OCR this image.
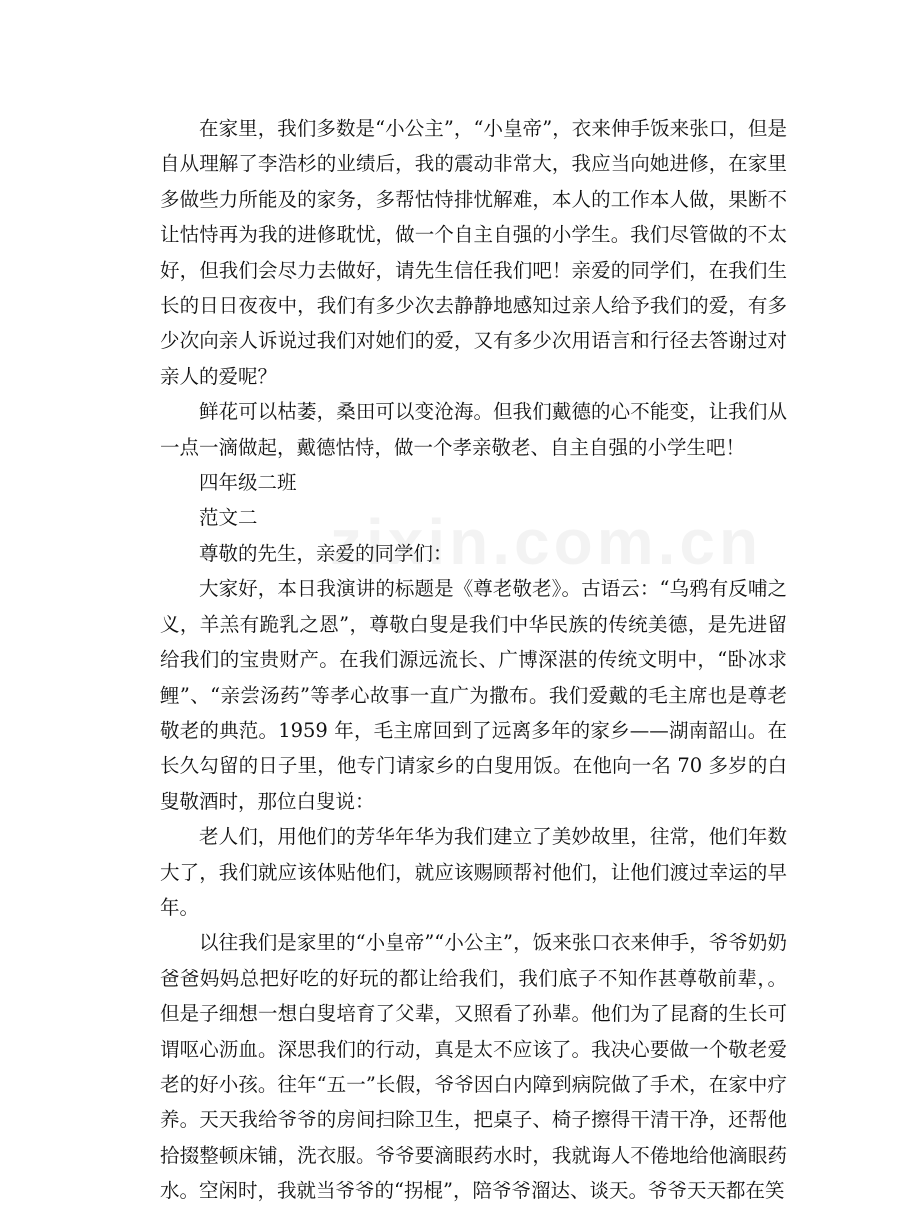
在家里，我们多数是“小公主”，“小皇帝”，衣来伸手饭来张口，但是自从理解了李浩杉的业绩后，我的震动非常大，我应当向她进修，在家里多做些力所能及的家务，多帮怙恃排忧解难，本人的工作本人做，果断不让怙恃再为我的进修耽忧，做一个自主自强的小学生。我们尽管做的不太好，但我们会尽力去做好，请先生信任我们吧！亲爱的同学们，在我们生长的日日夜夜中，我们有多少次去静静地感知过亲人给予我们的爱，有多少次向亲人诉说过我们对她们的爱，又有多少次用语言和行径去答谢过对亲人的爱呢？

鲜花可以枯萎，桑田可以变沧海。但我们戴德的心不能变，让我们从一点一滴做起，戴德怙恃，做一个孝亲敬老、自主自强的小学生吧！

四年级二班

范文二

尊敬的先生，亲爱的同学们：

大家好，本日我演讲的标题是《尊老敬老》。古语云：“乌鸦有反哺之义，羊羔有跪乳之恩”，尊敬白叟是我们中华民族的传统美德，是先进留给我们的宝贵财产。在我们源远流长、广博深湛的传统文明中，“卧冰求鲤”、“亲尝汤药”等孝心故事一直广为撒布。我们爱戴的毛主席也是尊老敬老的典范。1959 年，毛主席回到了远离多年的家乡——湖南韶山。在长久勾留的日子里，他专门请家乡的白叟用饭。在他向一名 70 多岁的白叟敬酒时，那位白叟说：

老人们，用他们的芳华年华为我们建立了美妙故里，往常，他们年数大了，我们就应该体贴他们，就应该赐顾帮衬他们，让他们渡过幸运的早年。

以往我们是家里的“小皇帝”“小公主”，饭来张口衣来伸手，爷爷奶奶爸爸妈妈总把好吃的好玩的都让给我们，我们底子不知作甚尊敬前辈，。但是子细想一想白叟培育了父辈，又照看了孙辈。他们为了昆裔的生长可谓呕心沥血。深思我们的行动，真是太不应该了。我决心要做一个敬老爱老的好小孩。往年“五一”长假，爷爷因白内障到病院做了手术，在家中疗养。天天我给爷爷的房间扫除卫生，把桌子、椅子擦得干清干净，还帮他拾掇整顿床铺，洗衣服。爷爷要滴眼药水时，我就诲人不倦地给他滴眼药水。空闲时，我就当爷爷的“拐棍”，陪爷爷溜达、谈天。爷爷天天都在笑
